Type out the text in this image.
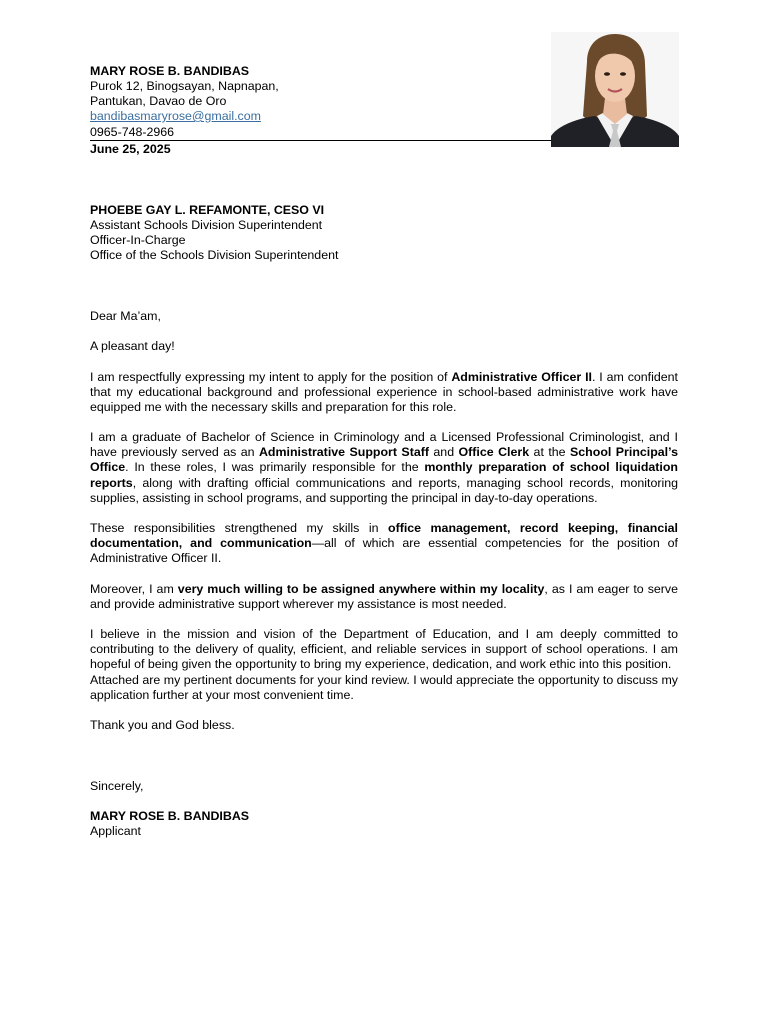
MARY ROSE B. BANDIBAS
Purok 12, Binogsayan, Napnapan,
Pantukan, Davao de Oro
bandibasmaryrose@gmail.com
0965-748-2966
June 25, 2025
PHOEBE GAY L. REFAMONTE, CESO VI
Assistant Schools Division Superintendent
Officer-In-Charge
Office of the Schools Division Superintendent
Dear Ma’am,
A pleasant day!
I am respectfully expressing my intent to apply for the position of Administrative Officer II. I am confident that my educational background and professional experience in school-based administrative work have equipped me with the necessary skills and preparation for this role.
I am a graduate of Bachelor of Science in Criminology and a Licensed Professional Criminologist, and I have previously served as an Administrative Support Staff and Office Clerk at the School Principal’s Office. In these roles, I was primarily responsible for the monthly preparation of school liquidation reports, along with drafting official communications and reports, managing school records, monitoring supplies, assisting in school programs, and supporting the principal in day-to-day operations.
These responsibilities strengthened my skills in office management, record keeping, financial documentation, and communication—all of which are essential competencies for the position of Administrative Officer II.
Moreover, I am very much willing to be assigned anywhere within my locality, as I am eager to serve and provide administrative support wherever my assistance is most needed.
I believe in the mission and vision of the Department of Education, and I am deeply committed to contributing to the delivery of quality, efficient, and reliable services in support of school operations. I am hopeful of being given the opportunity to bring my experience, dedication, and work ethic into this position.
Attached are my pertinent documents for your kind review. I would appreciate the opportunity to discuss my application further at your most convenient time.
Thank you and God bless.
Sincerely,
MARY ROSE B. BANDIBAS
Applicant
